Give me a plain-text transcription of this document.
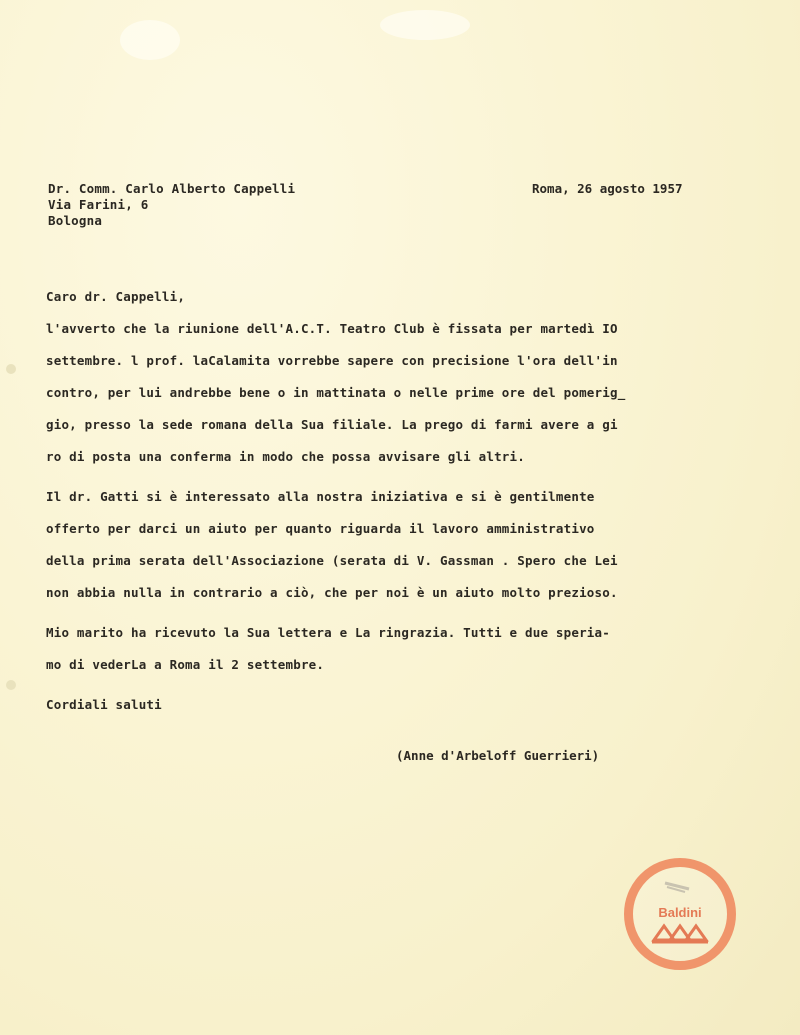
Dr. Comm. Carlo Alberto Cappelli
Via Farini, 6
Bologna
Roma, 26 agosto 1957
Caro dr. Cappelli,
l'avverto che la riunione dell'A.C.T. Teatro Club è fissata per martedì IO
settembre. l prof. laCalamita vorrebbe sapere con precisione l'ora dell'in
contro, per lui andrebbe bene o in mattinata o nelle prime ore del pomerig_
gio, presso la sede romana della Sua filiale. La prego di farmi avere a gi
ro di posta una conferma in modo che possa avvisare gli altri.
Il dr. Gatti si è interessato alla nostra iniziativa e si è gentilmente
offerto per darci un aiuto per quanto riguarda il lavoro amministrativo
della prima serata dell'Associazione (serata di V. Gassman . Spero che Lei
non abbia nulla in contrario a ciò, che per noi è un aiuto molto prezioso.
Mio marito ha ricevuto la Sua lettera e La ringrazia. Tutti e due speria-
mo di vederLa a Roma il 2 settembre.
Cordiali saluti
(Anne d'Arbeloff Guerrieri)
Baldini
